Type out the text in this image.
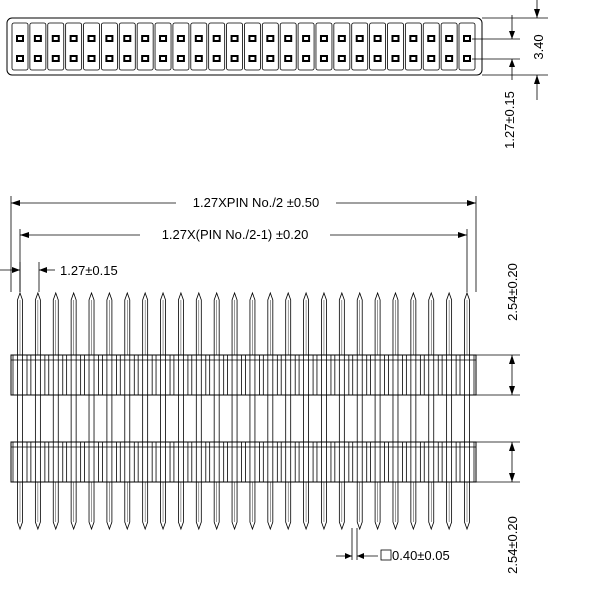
3.40
1.27±0.15
1.27XPIN No./2 ±0.50
1.27X(PIN No./2-1) ±0.20
1.27±0.15	2.54±0.20
2.54±0.20
0.40±0.05
